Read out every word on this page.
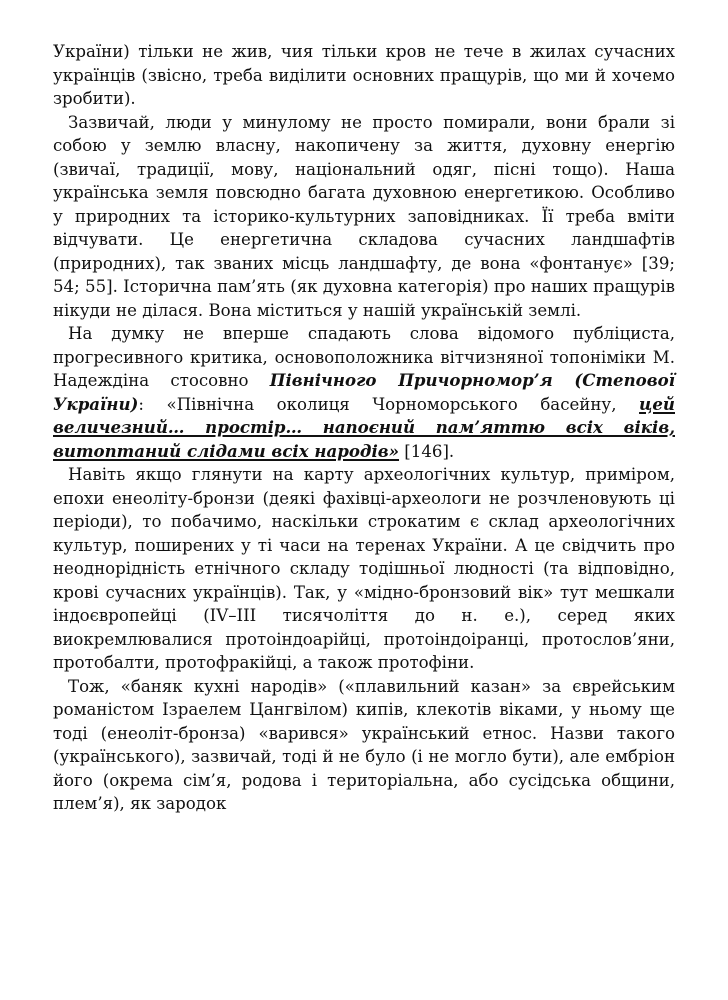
України) тільки не жив, чия тільки кров не тече в жилах сучасних українців (звісно, треба виділити основних пращурів, що ми й хочемо зробити).

Зазвичай, люди у минулому не просто помирали, вони брали зі собою у землю власну, накопичену за життя, духовну енергію (звичаї, традиції, мову, національний одяг, пісні тощо). Наша українська земля повсюдно багата духовною енергетикою. Особливо у природних та історико-культурних заповідниках. Її треба вміти відчувати. Це енергетична складова сучасних ландшафтів (природних), так званих місць ландшафту, де вона «фонтанує» [39; 54; 55]. Історична пам’ять (як духовна категорія) про наших пращурів нікуди не ділася. Вона міститься у нашій українській землі.

На думку не вперше спадають слова відомого публіциста, прогресивного критика, основоположника вітчизняної топоніміки М. Надеждіна стосовно Північного Причорномор’я (Степової України): «Північна околиця Чорноморського басейну, цей величезний… простір… напоєний пам’яттю всіх віків, витоптаний слідами всіх народів» [146].

Навіть якщо глянути на карту археологічних культур, приміром, епохи енеоліту-бронзи (деякі фахівці-археологи не розчленовують ці періоди), то побачимо, наскільки строкатим є склад археологічних культур, поширених у ті часи на теренах України. А це свідчить про неоднорідність етнічного складу тодішньої людності (та відповідно, крові сучасних українців). Так, у «мідно-бронзовий вік» тут мешкали індоєвропейці (IV–III тисячоліття до н. е.), серед яких виокремлювалися протоіндоарійці, протоіндоіранці, протослов’яни, протобалти, протофракійці, а також протофіни.

Тож, «баняк кухні народів» («плавильний казан» за єврейським романістом Ізраелем Цангвілом) кипів, клекотів віками, у ньому ще тоді (енеоліт-бронза) «варився» український етнос. Назви такого (українського), зазвичай, тоді й не було (і не могло бути), але ембріон його (окрема сім’я, родова і територіальна, або сусідська общини, плем’я), як зародок
